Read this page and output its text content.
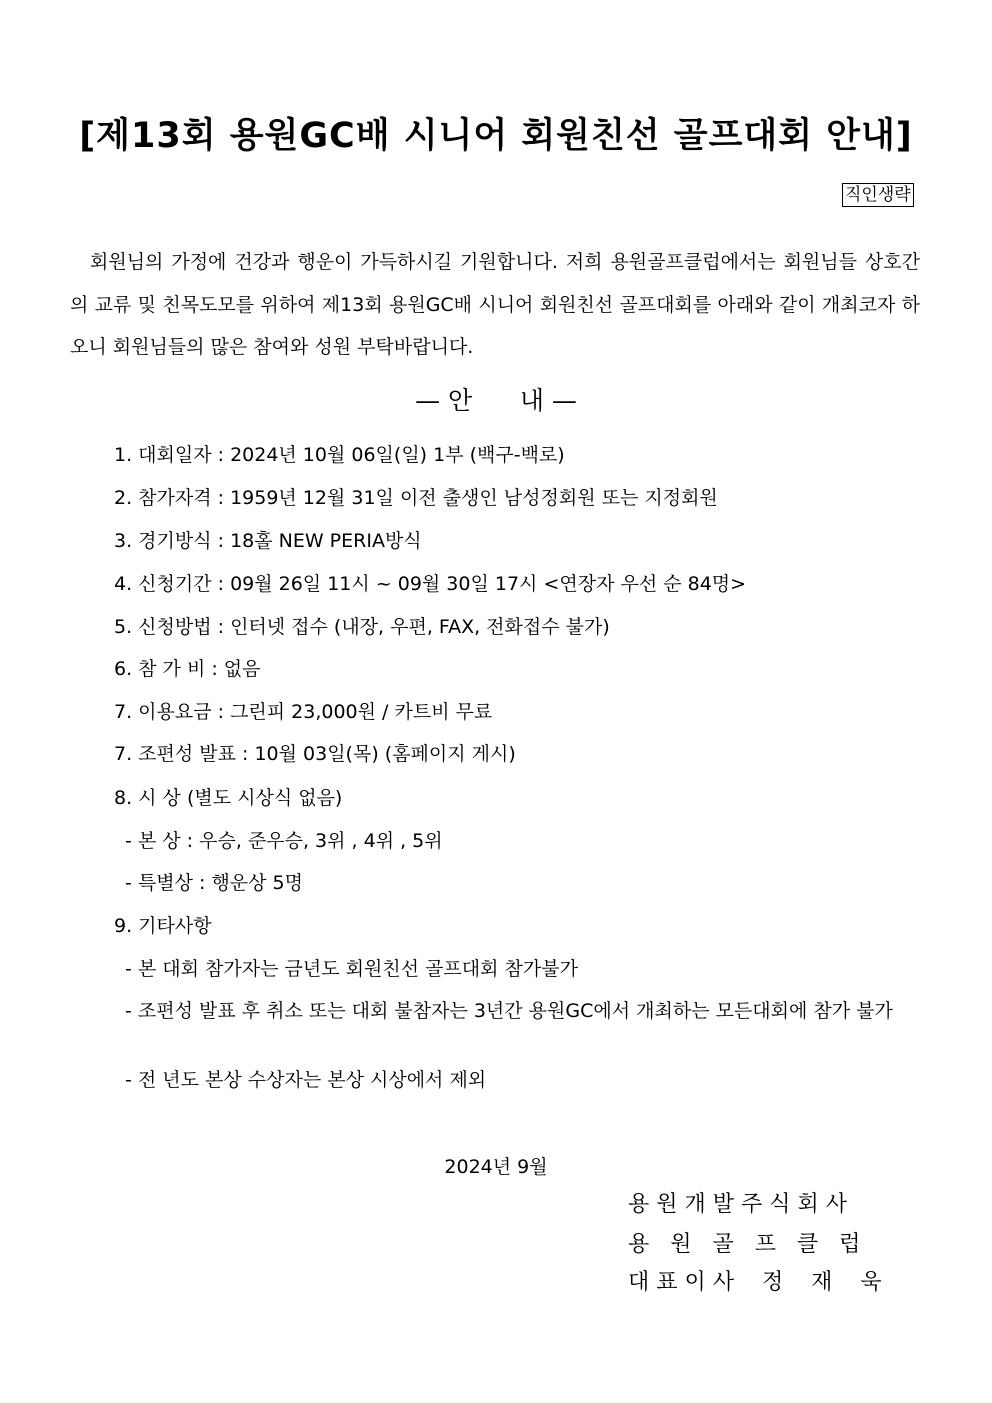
[제13회 용원GC배 시니어 회원친선 골프대회 안내]
직인생략

회원님의 가정에 건강과 행운이 가득하시길 기원합니다. 저희 용원골프클럽에서는 회원님들 상호간의 교류 및 친목도모를 위하여 제13회 용원GC배 시니어 회원친선 골프대회를 아래와 같이 개최코자 하오니 회원님들의 많은 참여와 성원 부탁바랍니다.

— 안      내 —
1. 대회일자 : 2024년 10월 06일(일) 1부 (백구-백로)
2. 참가자격 : 1959년 12월 31일 이전 출생인 남성정회원 또는 지정회원
3. 경기방식 : 18홀 NEW PERIA방식
4. 신청기간 : 09월 26일 11시 ~ 09월 30일 17시 <연장자 우선 순 84명>
5. 신청방법 : 인터넷 접수 (내장, 우편, FAX, 전화접수 불가)
6. 참 가 비 : 없음
7. 이용요금 : 그린피 23,000원 / 카트비 무료
7. 조편성 발표 : 10월 03일(목) (홈페이지 게시)
8. 시 상 (별도 시상식 없음)
- 본 상 : 우승, 준우승, 3위 , 4위 , 5위
- 특별상 : 행운상 5명
9. 기타사항
- 본 대회 참가자는 금년도 회원친선 골프대회 참가불가
- 조편성 발표 후 취소 또는 대회 불참자는 3년간 용원GC에서 개최하는 모든대회에 참가 불가
- 전 년도 본상 수상자는 본상 시상에서 제외
2024년 9월
용 원 개 발 주 식 회 사
용   원   골   프   클   럽
대 표 이 사    정    재    욱
